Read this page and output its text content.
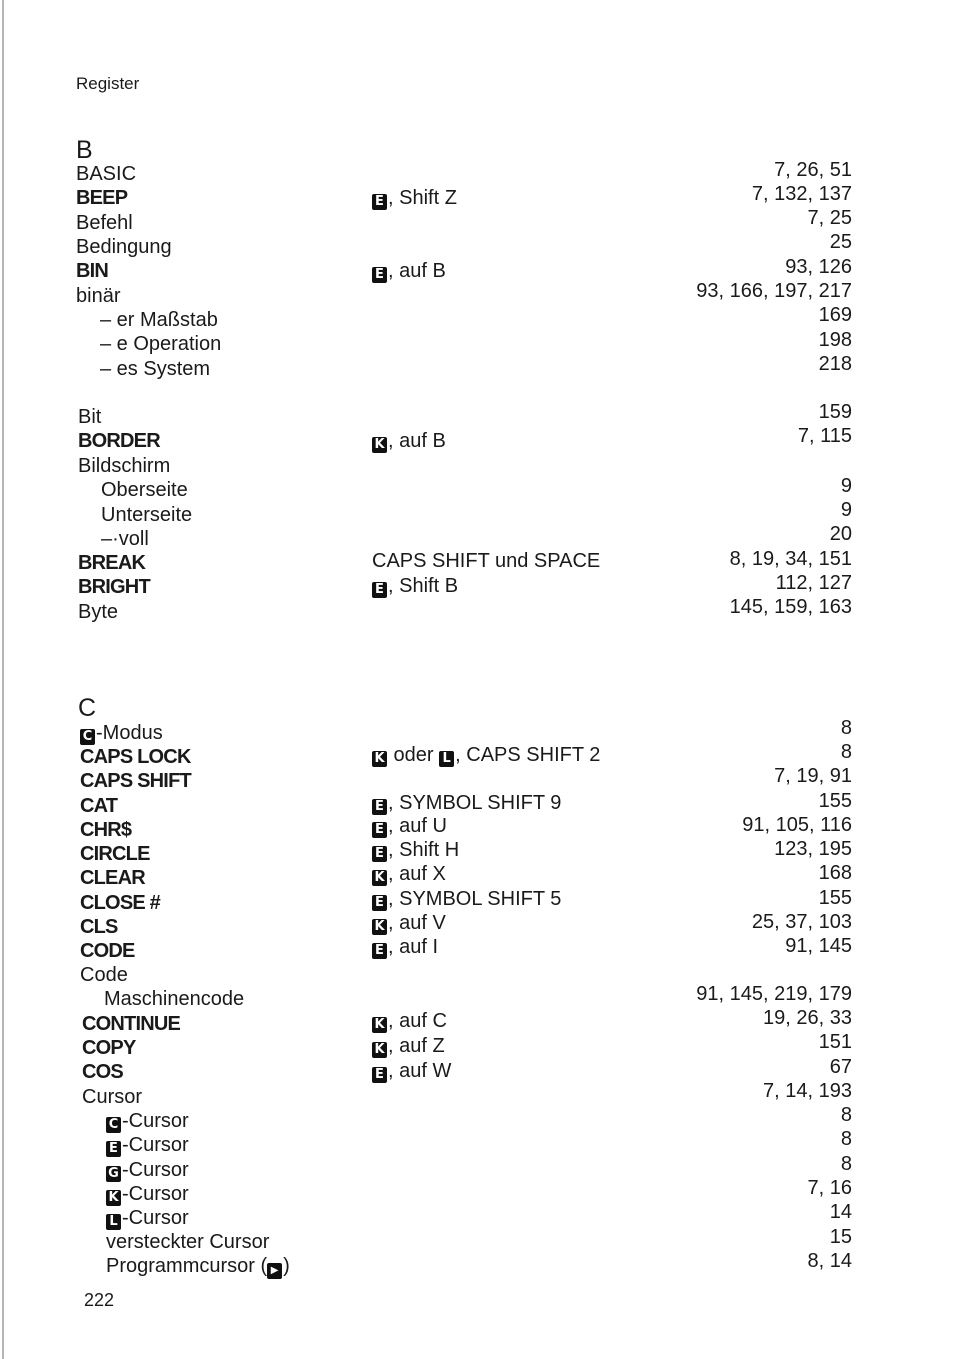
Register
B
BASIC
BEEP
Befehl
Bedingung
BIN
binär
– er Maßstab
– e Operation
– es System
Bit
BORDER
Bildschirm
Oberseite
Unterseite
–·voll
BREAK
BRIGHT
Byte
E , Shift Z
E , auf B
K , auf B
CAPS SHIFT und SPACE
E , Shift B
7, 26, 51
7, 132, 137
7, 25
25
93, 126
93, 166, 197, 217
169
198
218
159
7, 115
9
9
20
8, 19, 34, 151
112, 127
145, 159, 163
C
C -Modus
CAPS LOCK
CAPS SHIFT
CAT
CHR$
CIRCLE
CLEAR
CLOSE #
CLS
CODE
Code
Maschinencode
CONTINUE
COPY
COS
Cursor
C -Cursor
E -Cursor
G -Cursor
K -Cursor
L -Cursor
versteckter Cursor
Programmcursor ( ▶ )
K oder L , CAPS SHIFT 2
E , SYMBOL SHIFT 9
E , auf U
E , Shift H
K , auf X
E , SYMBOL SHIFT 5
K , auf V
E , auf I
K , auf C
K , auf Z
E , auf W
8
8
7, 19, 91
155
91, 105, 116
123, 195
168
155
25, 37, 103
91, 145
91, 145, 219, 179
19, 26, 33
151
67
7, 14, 193
8
8
8
7, 16
14
15
8, 14
222
